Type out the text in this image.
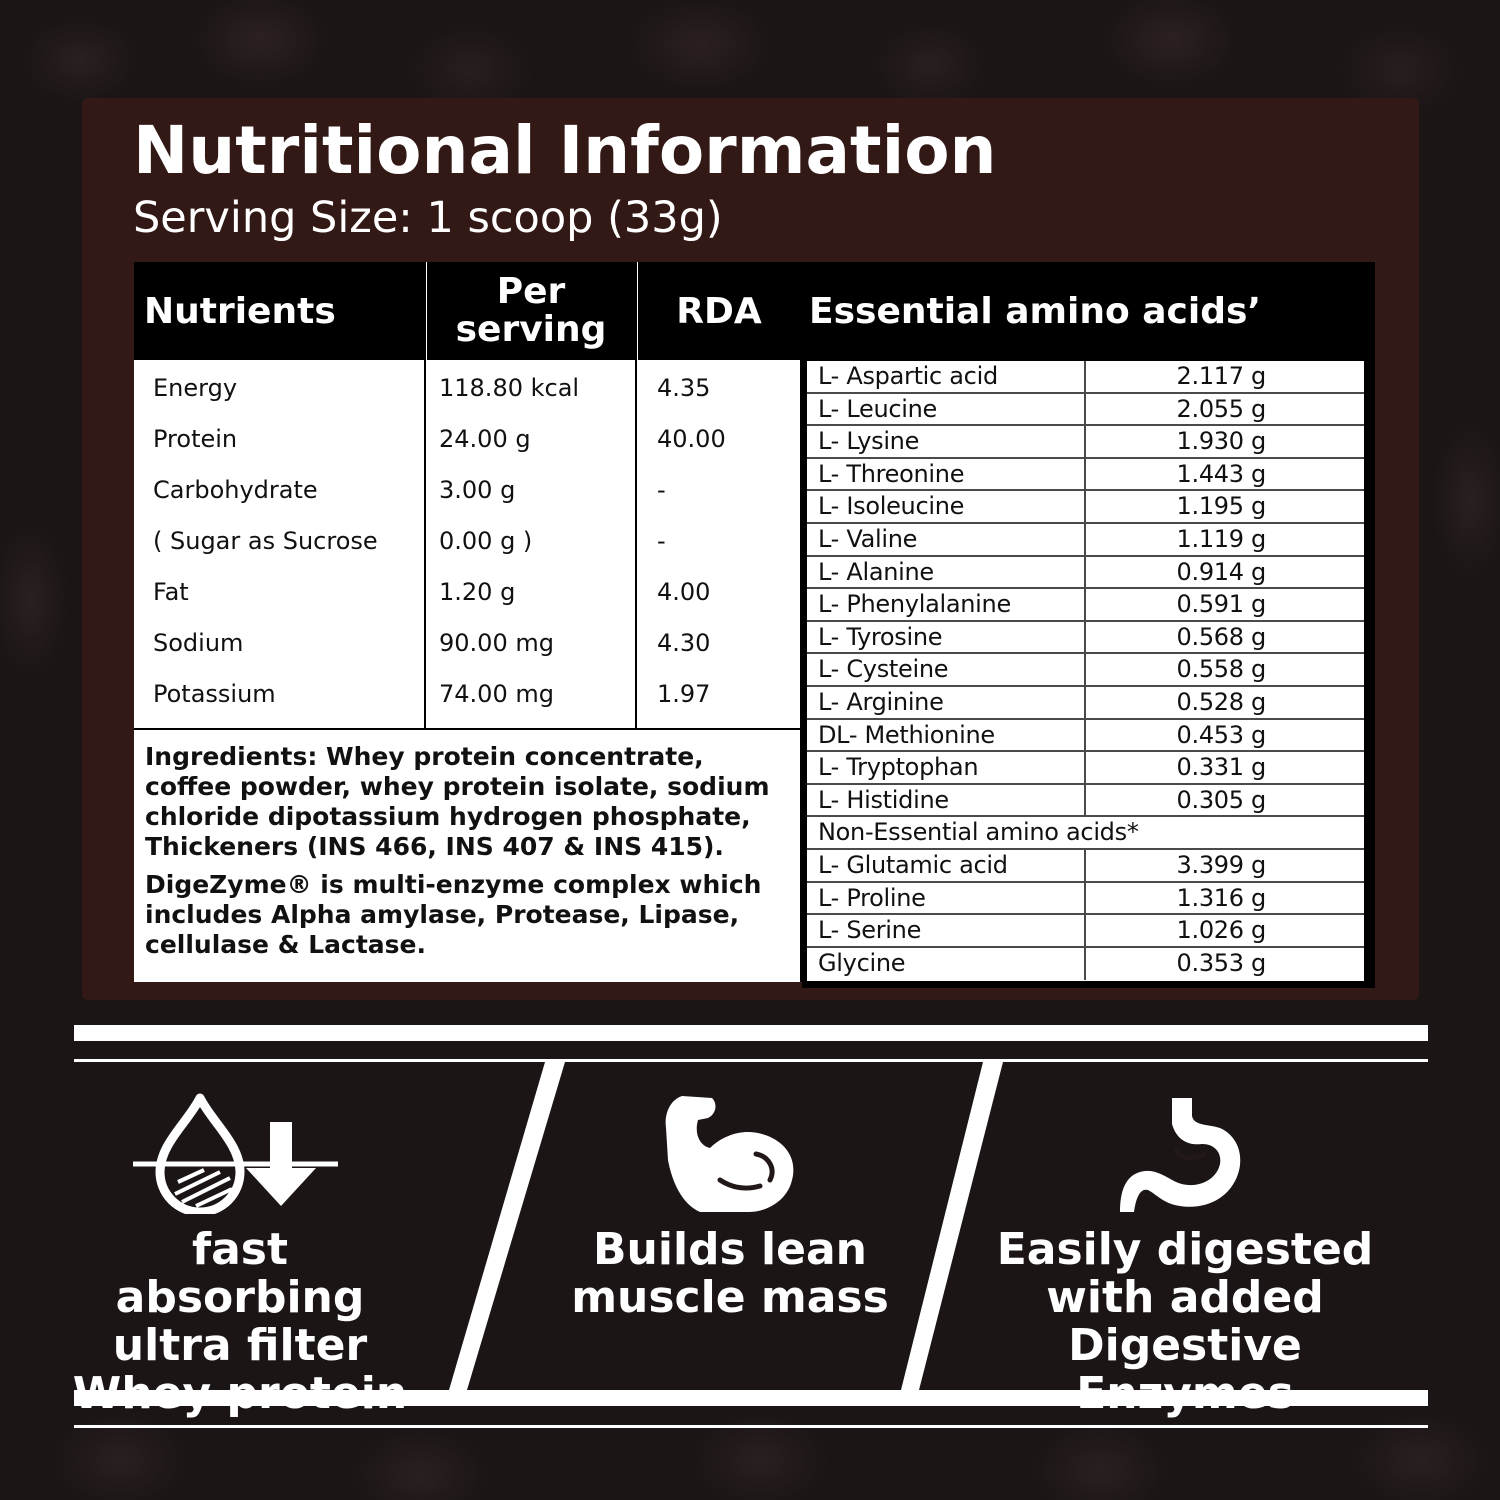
Nutritional Information
Serving Size: 1 scoop (33g)
Nutrients	Per serving	RDA
Energy	118.80 kcal	4.35
Protein	24.00 g	40.00
Carbohydrate	3.00 g	-
( Sugar as Sucrose	0.00 g )	-
Fat	1.20 g	4.00
Sodium	90.00 mg	4.30
Potassium	74.00 mg	1.97

Ingredients: Whey protein concentrate, coffee powder, whey protein isolate, sodium chloride dipotassium hydrogen phosphate, Thickeners (INS 466, INS 407 & INS 415).

DigeZyme® is multi-enzyme complex which includes Alpha amylase, Protease, Lipase, cellulase & Lactase.

Essential amino acids’
L- Aspartic acid	2.117 g
L- Leucine	2.055 g
L- Lysine	1.930 g
L- Threonine	1.443 g
L- Isoleucine	1.195 g
L- Valine	1.119 g
L- Alanine	0.914 g
L- Phenylalanine	0.591 g
L- Tyrosine	0.568 g
L- Cysteine	0.558 g
L- Arginine	0.528 g
DL- Methionine	0.453 g
L- Tryptophan	0.331 g
L- Histidine	0.305 g
Non-Essential amino acids*
L- Glutamic acid	3.399 g
L- Proline	1.316 g
L- Serine	1.026 g
Glycine	0.353 g
fast absorbing
ultra filter
Whey protein
Builds lean
muscle mass
Easily digested
with added
Digestive Enzymes
